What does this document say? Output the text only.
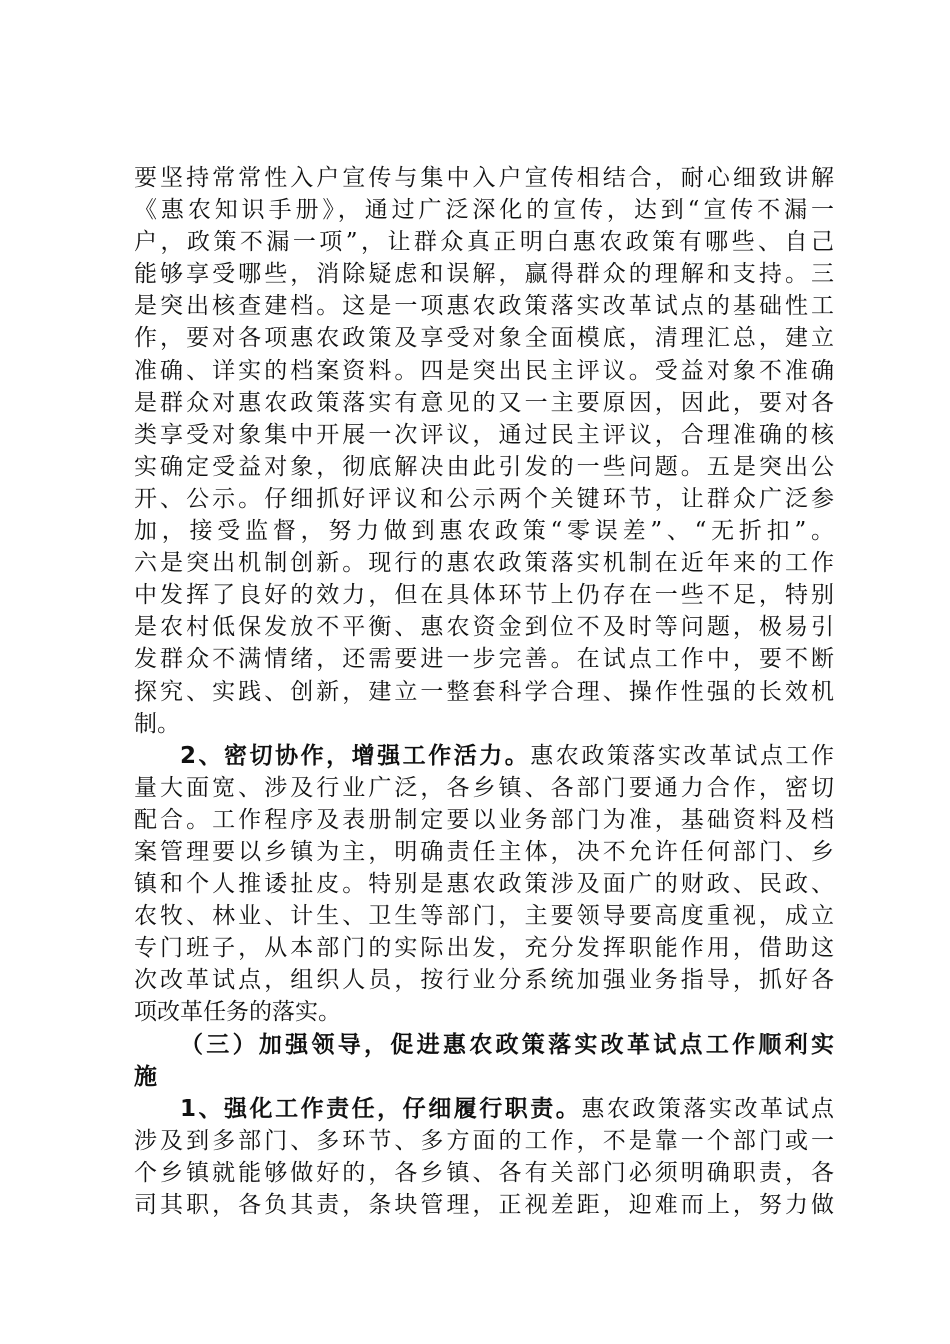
要坚持常常性入户宣传与集中入户宣传相结合，耐心细致讲解
《惠农知识手册》，通过广泛深化的宣传，达到“宣传不漏一
户，政策不漏一项”，让群众真正明白惠农政策有哪些、自己
能够享受哪些，消除疑虑和误解，赢得群众的理解和支持。三
是突出核查建档。这是一项惠农政策落实改革试点的基础性工
作，要对各项惠农政策及享受对象全面模底，清理汇总，建立
准确、详实的档案资料。四是突出民主评议。受益对象不准确
是群众对惠农政策落实有意见的又一主要原因，因此，要对各
类享受对象集中开展一次评议，通过民主评议，合理准确的核
实确定受益对象，彻底解决由此引发的一些问题。五是突出公
开、公示。仔细抓好评议和公示两个关键环节，让群众广泛参
加，接受监督，努力做到惠农政策“零误差”、“无折扣”。
六是突出机制创新。现行的惠农政策落实机制在近年来的工作
中发挥了良好的效力，但在具体环节上仍存在一些不足，特别
是农村低保发放不平衡、惠农资金到位不及时等问题，极易引
发群众不满情绪，还需要进一步完善。在试点工作中，要不断
探究、实践、创新，建立一整套科学合理、操作性强的长效机
制。
2、密切协作，增强工作活力。惠农政策落实改革试点工作
量大面宽、涉及行业广泛，各乡镇、各部门要通力合作，密切
配合。工作程序及表册制定要以业务部门为准，基础资料及档
案管理要以乡镇为主，明确责任主体，决不允许任何部门、乡
镇和个人推诿扯皮。特别是惠农政策涉及面广的财政、民政、
农牧、林业、计生、卫生等部门，主要领导要高度重视，成立
专门班子，从本部门的实际出发，充分发挥职能作用，借助这
次改革试点，组织人员，按行业分系统加强业务指导，抓好各
项改革任务的落实。
（三）加强领导，促进惠农政策落实改革试点工作顺利实
施
1、强化工作责任，仔细履行职责。惠农政策落实改革试点
涉及到多部门、多环节、多方面的工作，不是靠一个部门或一
个乡镇就能够做好的，各乡镇、各有关部门必须明确职责，各
司其职，各负其责，条块管理，正视差距，迎难而上，努力做
